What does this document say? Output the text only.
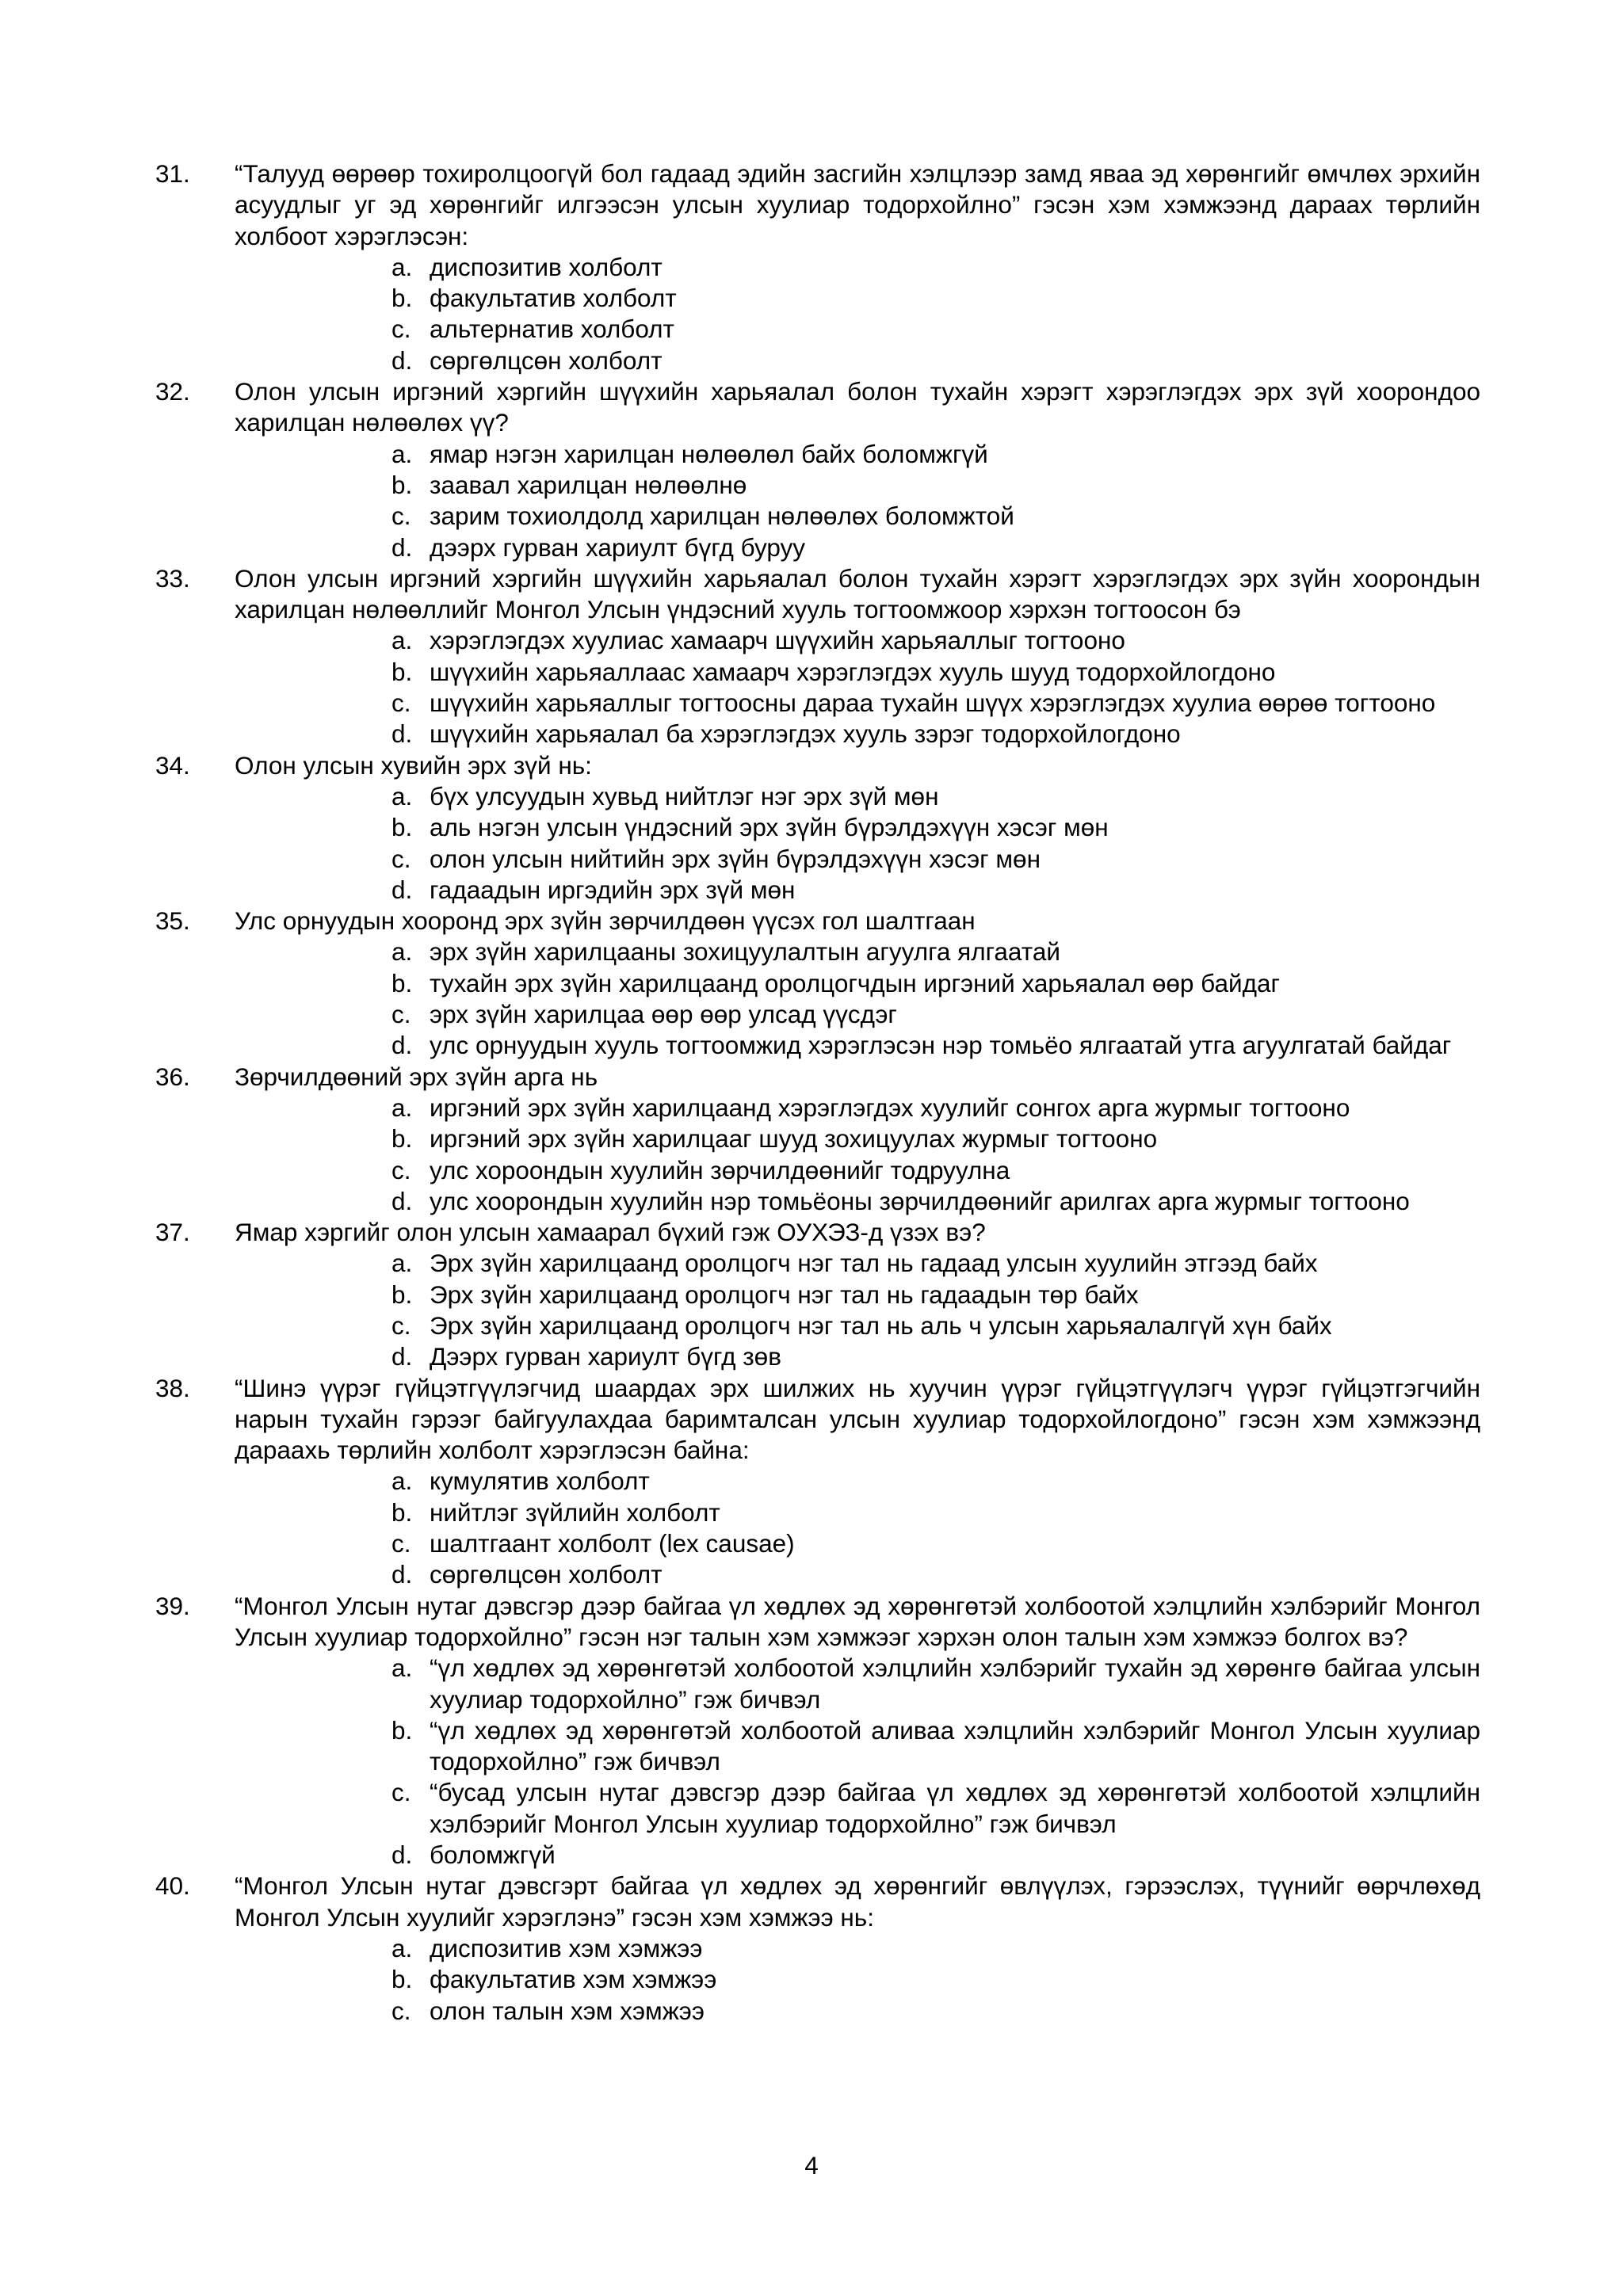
31.	“Талууд өөрөөр тохиролцоогүй бол гадаад эдийн засгийн хэлцлээр замд яваа эд хөрөнгийг өмчлөх эрхийн асуудлыг уг эд хөрөнгийг илгээсэн улсын хуулиар тодорхойлно” гэсэн хэм хэмжээнд дараах төрлийн холбоот хэрэглэсэн:
a. диспозитив холболт
b. факультатив холболт
c. альтернатив холболт
d. сөргөлцсөн холболт
32.	Олон улсын иргэний хэргийн шүүхийн харьяалал болон тухайн хэрэгт хэрэглэгдэх эрх зүй хоорондоо харилцан нөлөөлөх үү?
a. ямар нэгэн харилцан нөлөөлөл байх боломжгүй
b. заавал харилцан нөлөөлнө
c. зарим тохиолдолд харилцан нөлөөлөх боломжтой
d. дээрх гурван хариулт бүгд буруу
33.	Олон улсын иргэний хэргийн шүүхийн харьяалал болон тухайн хэрэгт хэрэглэгдэх эрх зүйн хоорондын харилцан нөлөөллийг Монгол Улсын үндэсний хууль тогтоомжоор хэрхэн тогтоосон бэ
a. хэрэглэгдэх хуулиас хамаарч шүүхийн харьяаллыг тогтооно
b. шүүхийн харьяаллаас хамаарч хэрэглэгдэх хууль шууд тодорхойлогдоно
c. шүүхийн харьяаллыг тогтоосны дараа тухайн шүүх хэрэглэгдэх хуулиа өөрөө тогтооно
d. шүүхийн харьяалал ба хэрэглэгдэх хууль зэрэг тодорхойлогдоно
34.	Олон улсын хувийн эрх зүй нь:
a. бүх улсуудын хувьд нийтлэг нэг эрх зүй мөн
b. аль нэгэн улсын үндэсний эрх зүйн бүрэлдэхүүн хэсэг мөн
c. олон улсын нийтийн эрх зүйн бүрэлдэхүүн хэсэг мөн
d. гадаадын иргэдийн эрх зүй мөн
35.	Улс орнуудын хооронд эрх зүйн зөрчилдөөн үүсэх гол шалтгаан
a. эрх зүйн харилцааны зохицуулалтын агуулга ялгаатай
b. тухайн эрх зүйн харилцаанд оролцогчдын иргэний харьяалал өөр байдаг
c. эрх зүйн харилцаа өөр өөр улсад үүсдэг
d. улс орнуудын хууль тогтоомжид хэрэглэсэн нэр томьёо ялгаатай утга агуулгатай байдаг
36.	Зөрчилдөөний эрх зүйн арга нь
a. иргэний эрх зүйн харилцаанд хэрэглэгдэх хуулийг сонгох арга журмыг тогтооно
b. иргэний эрх зүйн харилцааг шууд зохицуулах журмыг тогтооно
c. улс хороондын хуулийн зөрчилдөөнийг тодруулна
d. улс хоорондын хуулийн нэр томьёоны зөрчилдөөнийг арилгах арга журмыг тогтооно
37.	Ямар хэргийг олон улсын хамаарал бүхий гэж ОУХЭЗ-д үзэх вэ?
a. Эрх зүйн харилцаанд оролцогч нэг тал нь гадаад улсын хуулийн этгээд байх
b. Эрх зүйн харилцаанд оролцогч нэг тал нь гадаадын төр байх
c. Эрх зүйн харилцаанд оролцогч нэг тал нь аль ч улсын харьяалалгүй хүн байх
d. Дээрх гурван хариулт бүгд зөв
38.	“Шинэ үүрэг гүйцэтгүүлэгчид шаардах эрх шилжих нь хуучин үүрэг гүйцэтгүүлэгч үүрэг гүйцэтгэгчийн нарын тухайн гэрээг байгуулахдаа баримталсан улсын хуулиар тодорхойлогдоно” гэсэн хэм хэмжээнд дараахь төрлийн холболт хэрэглэсэн байна:
a. кумулятив холболт
b. нийтлэг зүйлийн холболт
c. шалтгаант холболт (lex causae)
d. сөргөлцсөн холболт
39.	“Монгол Улсын нутаг дэвсгэр дээр байгаа үл хөдлөх эд хөрөнгөтэй холбоотой хэлцлийн хэлбэрийг Монгол Улсын хуулиар тодорхойлно” гэсэн нэг талын хэм хэмжээг хэрхэн олон талын хэм хэмжээ болгох вэ?
a. “үл хөдлөх эд хөрөнгөтэй холбоотой хэлцлийн хэлбэрийг тухайн эд хөрөнгө байгаа улсын хуулиар тодорхойлно” гэж бичвэл
b. “үл хөдлөх эд хөрөнгөтэй холбоотой аливаа хэлцлийн хэлбэрийг Монгол Улсын хуулиар тодорхойлно” гэж бичвэл
c. “бусад улсын нутаг дэвсгэр дээр байгаа үл хөдлөх эд хөрөнгөтэй холбоотой хэлцлийн хэлбэрийг Монгол Улсын хуулиар тодорхойлно” гэж бичвэл
d. боломжгүй
40.	“Монгол Улсын нутаг дэвсгэрт байгаа үл хөдлөх эд хөрөнгийг өвлүүлэх, гэрээслэх, түүнийг өөрчлөхөд Монгол Улсын хуулийг хэрэглэнэ” гэсэн хэм хэмжээ нь:
a. диспозитив хэм хэмжээ
b. факультатив хэм хэмжээ
c. олон талын хэм хэмжээ
4
